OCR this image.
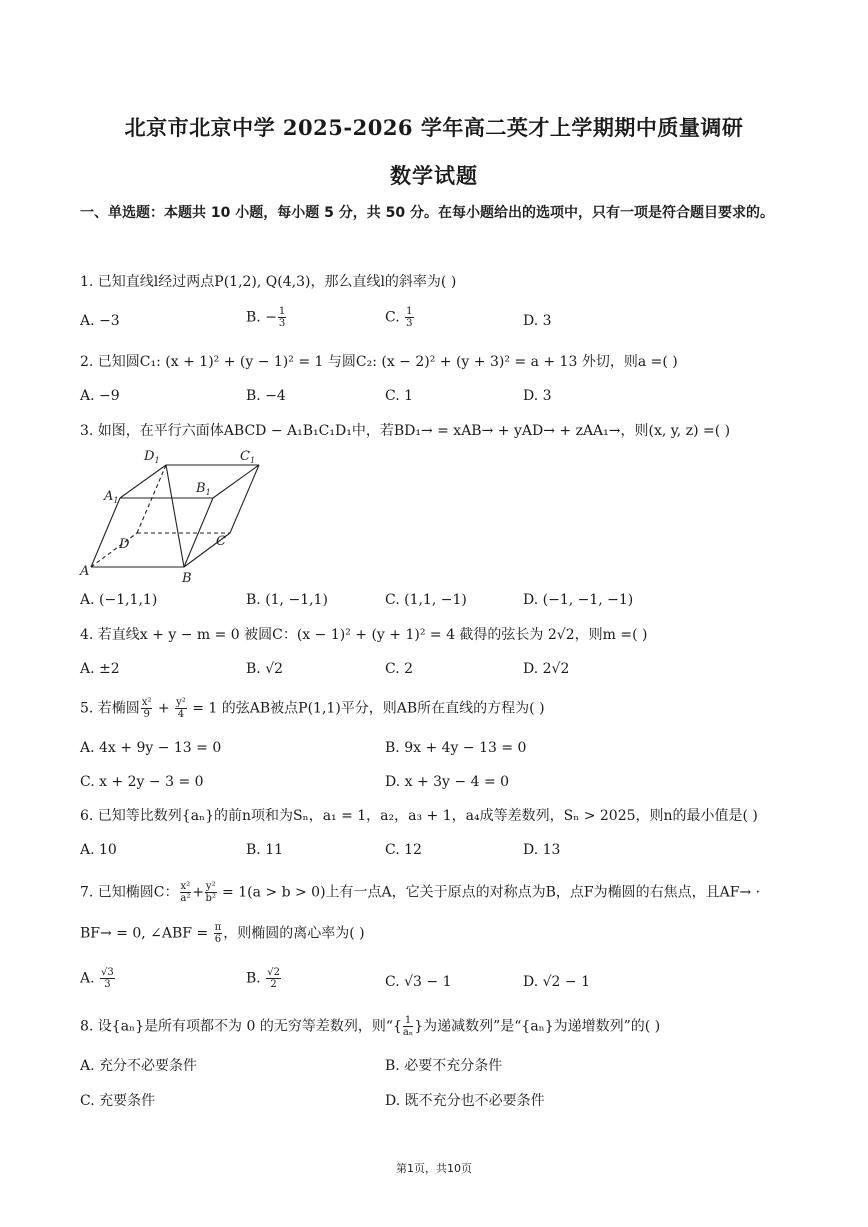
北京市北京中学 2025-2026 学年高二英才上学期期中质量调研
数学试题
一、单选题：本题共 10 小题，每小题 5 分，共 50 分。在每小题给出的选项中，只有一项是符合题目要求的。
1. 已知直线l经过两点P(1,2), Q(4,3)，那么直线l的斜率为( )
A. −3	B. − $\frac{1}{3}$	C. $\frac{1}{3}$	D. 3
2. 已知圆C₁: (x + 1)² + (y − 1)² = 1 与圆C₂: (x − 2)² + (y + 3)² = a + 13 外切，则a =( )
A. −9	B. −4	C. 1	D. 3
3. 如图，在平行六面体ABCD − A₁B₁C₁D₁中，若BD₁→ = xAB→ + yAD→ + zAA₁→，则(x, y, z) =( )
$D_1$	$C_1$
$A_1$
$B_1$
D	C
A	B
A. (−1,1,1)	B. (1, −1,1)	C. (1,1, −1)	D. (−1, −1, −1)
4. 若直线x + y − m = 0 被圆C：(x − 1)² + (y + 1)² = 4 截得的弦长为 2√2，则m =( )
A. ±2	B. √2	C. 2	D. 2√2
5. 若椭圆 $\frac{\text{x²}}{9} + \frac{\text{y²}}{4} = 1$ 的弦AB被点P(1,1)平分，则AB所在直线的方程为( )
A. 4x + 9y − 13 = 0	B. 9x + 4y − 13 = 0
C. x + 2y − 3 = 0	D. x + 3y − 4 = 0
6. 已知等比数列{aₙ}的前n项和为Sₙ，a₁ = 1，a₂，a₃ + 1，a₄成等差数列，Sₙ > 2025，则n的最小值是( )
A. 10	B. 11	C. 12	D. 13
7. 已知椭圆C： $\frac{\text{x²}}{\text{a²}} + \frac{\text{y²}}{\text{b²}} = 1(a > b > 0)$上有一点A，它关于原点的对称点为B，点F为椭圆的右焦点，且AF→ ·
BF→ = 0, ∠ABF = $\frac{\pi}{6}$ ，则椭圆的离心率为( )
A. $\frac{√3}{3}$	B. $\frac{√2}{2}$	C. √3 − 1	D. √2 − 1
8. 设{aₙ}是所有项都不为 0 的无穷等差数列，则“{ $\frac{1}{\text{aₙ}}$ }为递减数列”是“{aₙ}为递增数列”的( )
A. 充分不必要条件	B. 必要不充分条件
C. 充要条件	D. 既不充分也不必要条件
第1页，共10页
